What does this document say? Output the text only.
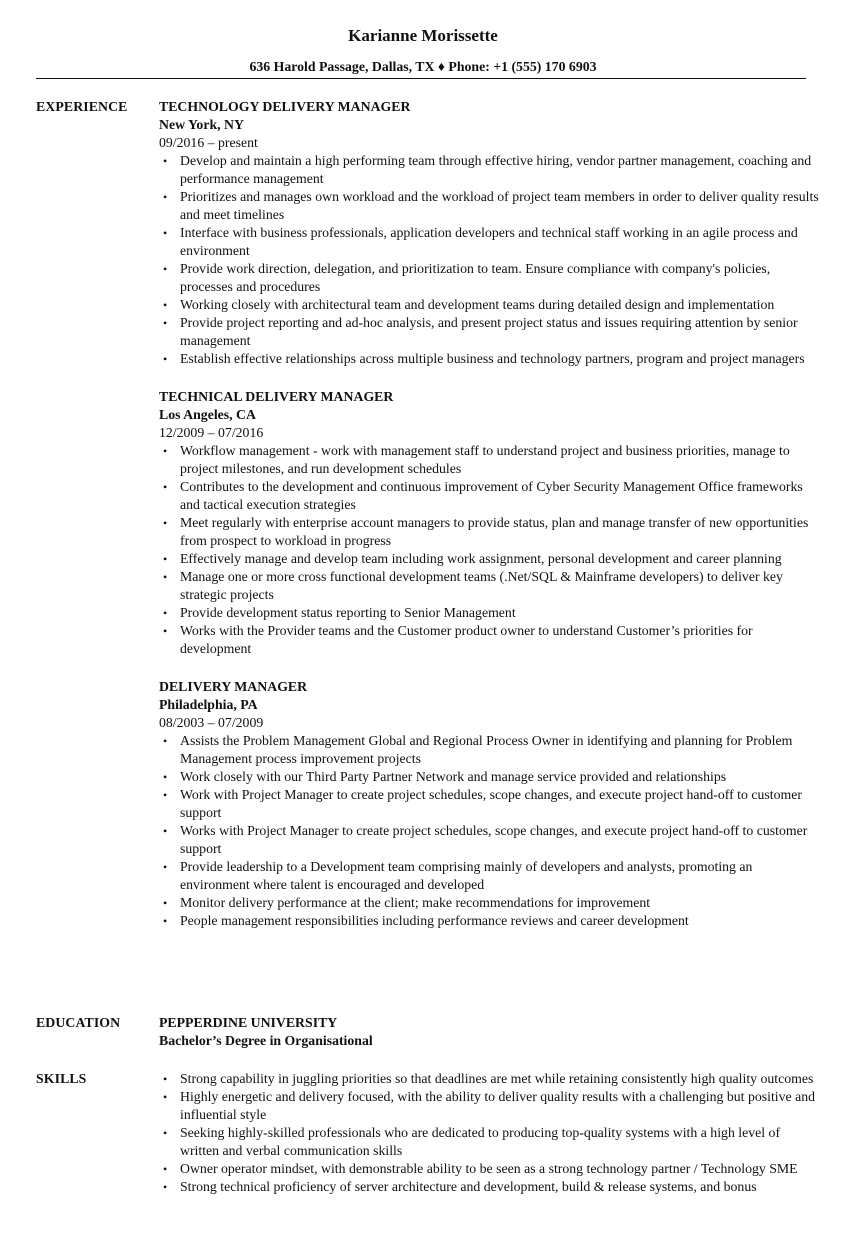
Karianne Morissette
636 Harold Passage, Dallas, TX ♦ Phone: +1 (555) 170 6903
EXPERIENCE TECHNOLOGY DELIVERY MANAGER
New York, NY
09/2016 – present
• Develop and maintain a high performing team through effective hiring, vendor partner management, coaching and performance management
• Prioritizes and manages own workload and the workload of project team members in order to deliver quality results and meet timelines
• Interface with business professionals, application developers and technical staff working in an agile process and environment
• Provide work direction, delegation, and prioritization to team. Ensure compliance with company's policies, processes and procedures
• Working closely with architectural team and development teams during detailed design and implementation
• Provide project reporting and ad-hoc analysis, and present project status and issues requiring attention by senior management
• Establish effective relationships across multiple business and technology partners, program and project managers
TECHNICAL DELIVERY MANAGER
Los Angeles, CA
12/2009 – 07/2016
• Workflow management - work with management staff to understand project and business priorities, manage to project milestones, and run development schedules
• Contributes to the development and continuous improvement of Cyber Security Management Office frameworks and tactical execution strategies
• Meet regularly with enterprise account managers to provide status, plan and manage transfer of new opportunities from prospect to workload in progress
• Effectively manage and develop team including work assignment, personal development and career planning
• Manage one or more cross functional development teams (.Net/SQL & Mainframe developers) to deliver key strategic projects
• Provide development status reporting to Senior Management
• Works with the Provider teams and the Customer product owner to understand Customer’s priorities for development
DELIVERY MANAGER
Philadelphia, PA
08/2003 – 07/2009
• Assists the Problem Management Global and Regional Process Owner in identifying and planning for Problem Management process improvement projects
• Work closely with our Third Party Partner Network and manage service provided and relationships
• Work with Project Manager to create project schedules, scope changes, and execute project hand-off to customer support
• Works with Project Manager to create project schedules, scope changes, and execute project hand-off to customer support
• Provide leadership to a Development team comprising mainly of developers and analysts, promoting an environment where talent is encouraged and developed
• Monitor delivery performance at the client; make recommendations for improvement
• People management responsibilities including performance reviews and career development
EDUCATION	PEPPERDINE UNIVERSITY
Bachelor’s Degree in Organisational
SKILLS	• Strong capability in juggling priorities so that deadlines are met while retaining consistently high quality outcomes
• Highly energetic and delivery focused, with the ability to deliver quality results with a challenging but positive and influential style
• Seeking highly-skilled professionals who are dedicated to producing top-quality systems with a high level of written and verbal communication skills
• Owner operator mindset, with demonstrable ability to be seen as a strong technology partner / Technology SME
• Strong technical proficiency of server architecture and development, build & release systems, and bonus
